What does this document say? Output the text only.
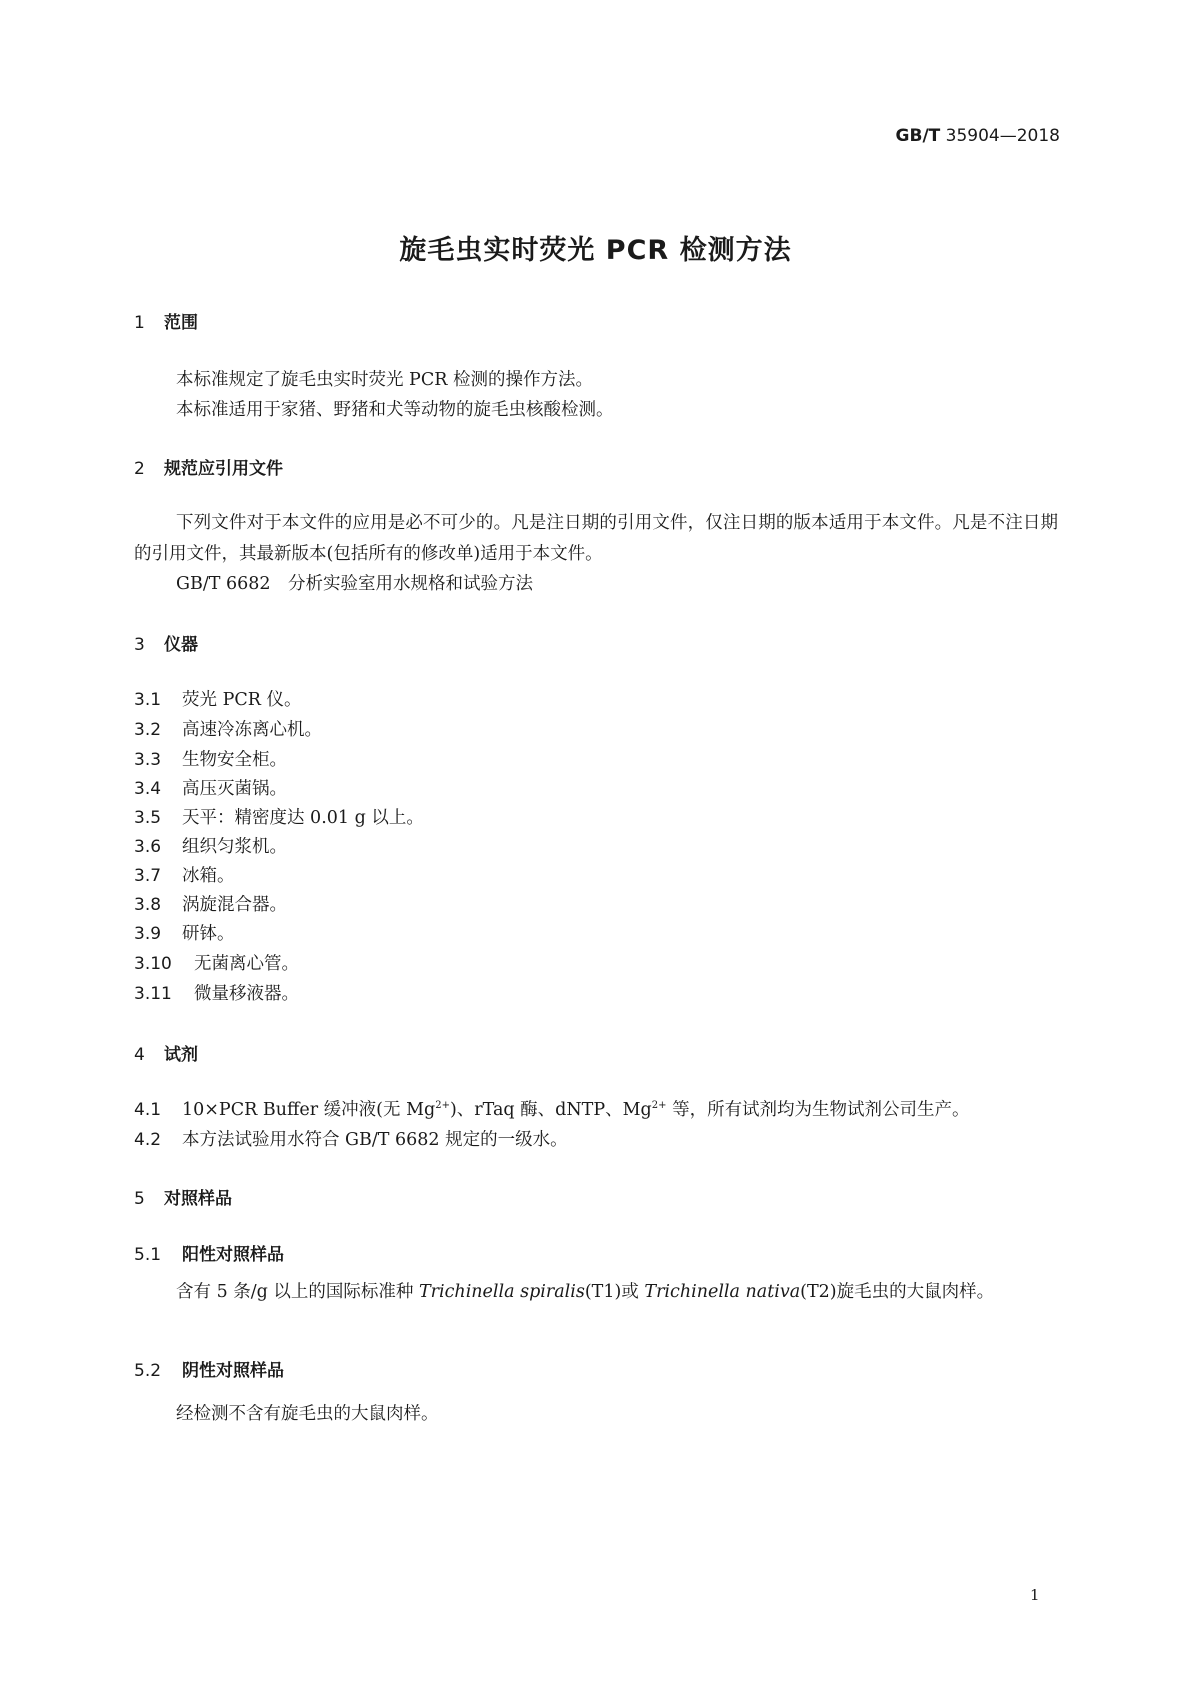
GB/T 35904—2018
旋毛虫实时荧光 PCR 检测方法
1 范围
本标准规定了旋毛虫实时荧光 PCR 检测的操作方法。
本标准适用于家猪、野猪和犬等动物的旋毛虫核酸检测。
2 规范应引用文件
下列文件对于本文件的应用是必不可少的。凡是注日期的引用文件，仅注日期的版本适用于本文件。凡是不注日期的引用文件，其最新版本(包括所有的修改单)适用于本文件。
GB/T 6682　分析实验室用水规格和试验方法
3 仪器
3.1 荧光 PCR 仪。
3.2 高速冷冻离心机。
3.3 生物安全柜。
3.4 高压灭菌锅。
3.5 天平：精密度达 0.01 g 以上。
3.6 组织匀浆机。
3.7 冰箱。
3.8 涡旋混合器。
3.9 研钵。
3.10 无菌离心管。
3.11 微量移液器。
4 试剂
4.1 10×PCR Buffer 缓冲液(无 $Mg^{2+}$)、rTaq 酶、dNTP、$Mg^{2+}$ 等，所有试剂均为生物试剂公司生产。
4.2 本方法试验用水符合 GB/T 6682 规定的一级水。
5 对照样品
5.1 阳性对照样品
含有 5 条/g 以上的国际标准种 Trichinella spiralis(T1)或 Trichinella nativa(T2)旋毛虫的大鼠肉样。
5.2 阴性对照样品
经检测不含有旋毛虫的大鼠肉样。
1
